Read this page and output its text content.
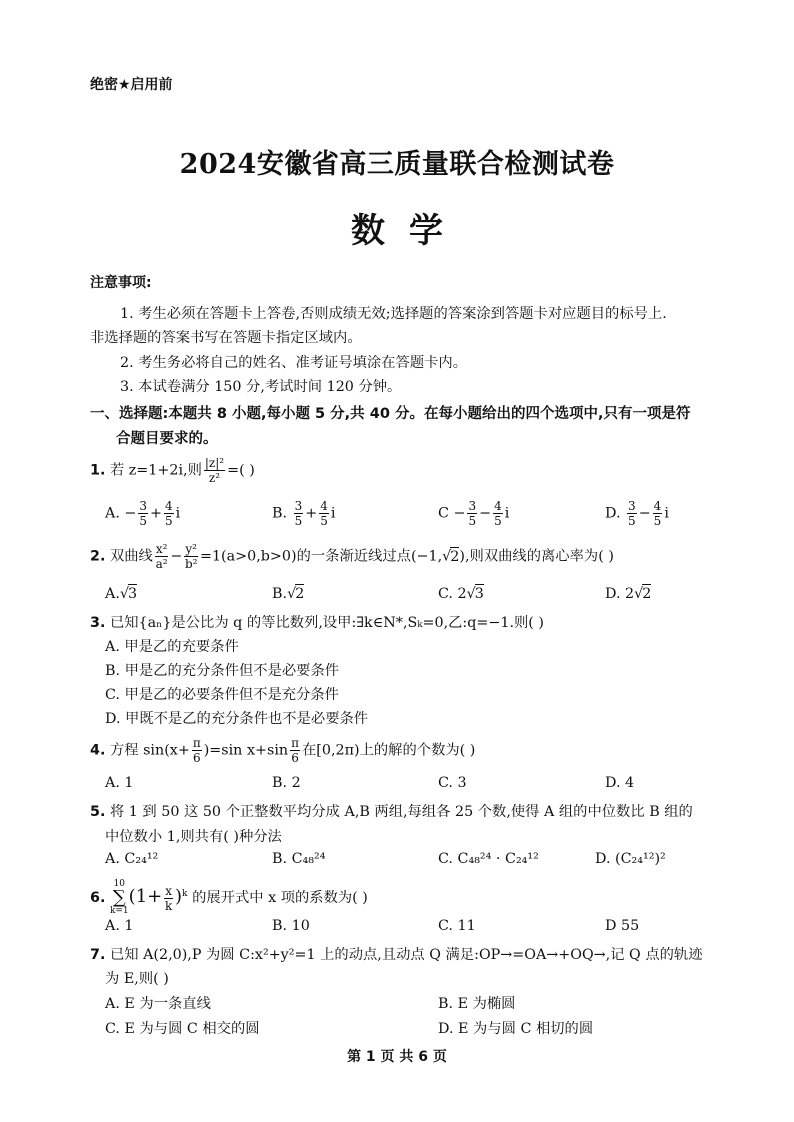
绝密★启用前
2024安徽省高三质量联合检测试卷
数学
注意事项:
1. 考生必须在答题卡上答卷,否则成绩无效;选择题的答案涂到答题卡对应题目的标号上.
非选择题的答案书写在答题卡指定区域内。
2. 考生务必将自己的姓名、准考证号填涂在答题卡内。
3. 本试卷满分 150 分,考试时间 120 分钟。
一、选择题:本题共 8 小题,每小题 5 分,共 40 分。在每小题给出的四个选项中,只有一项是符
合题目要求的。
1. 若 z=1+2i,则 $\frac{\text{|z|²}}{\text{z²}}$ =( )
A. − $\frac{3}{5} + \frac{4}{5}$ i	B. $\frac{3}{5} + \frac{4}{5}$ i	$C - \frac{3}{5} - \frac{4}{5}$ i	D. $\frac{3}{5} - \frac{4}{5}$ i
2. 双曲线 $\frac{\text{x²}}{\text{a²}} - \frac{\text{y²}}{\text{b²}} =1(a>0,b>0)$的一条渐近线过点(−1,√2),则双曲线的离心率为( )
A.√3	B.√2	C. 2√3	D. 2√2
3. 已知{aₙ}是公比为 q 的等比数列,设甲:∃k∈N*,Sₖ=0,乙:q=−1.则( )
A. 甲是乙的充要条件
B. 甲是乙的充分条件但不是必要条件
C. 甲是乙的必要条件但不是充分条件
D. 甲既不是乙的充分条件也不是必要条件
4. 方程 $\sin(x+ \frac{\pi}{6} )=\sin$ $x+\sin \frac{\pi}{6}$ 在[0,2π)上的解的个数为( )
A. 1	B. 2	C. 3	D. 4
5. 将 1 到 50 这 50 个正整数平均分成 A,B 两组,每组各 25 个数,使得 A 组的中位数比 B 组的
中位数小 1,则共有( )种分法
A. C₂₄¹²	B. C₄₈²⁴	C. C₄₈²⁴ · C₂₄¹²	D. (C₂₄¹²)²
6.
10
∑
k=1
$(1+ \frac{x}{k} )^k$ 的展开式中 x 项的系数为( )
A. 1	B. 10	C. 11	D 55
7. 已知 A(2,0),P 为圆 C:x²+y²=1 上的动点,且动点 Q 满足:OP→=OA→+OQ→,记 Q 点的轨迹
为 E,则( )
A. E 为一条直线	B. E 为椭圆
C. E 为与圆 C 相交的圆	D. E 为与圆 C 相切的圆
第 1 页 共 6 页
